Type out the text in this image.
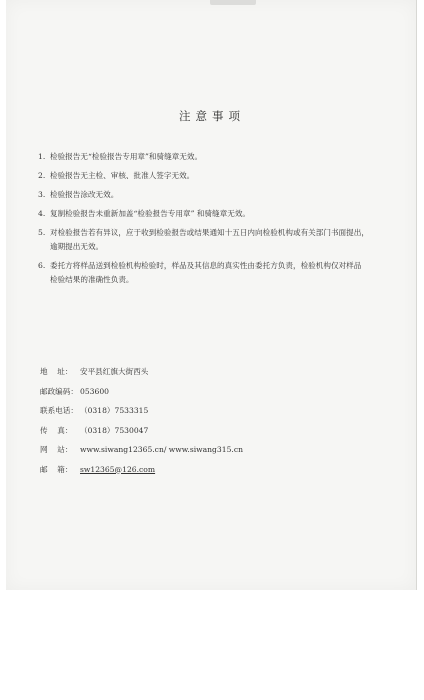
注意事项
1. 检验报告无“检验报告专用章”和骑缝章无效。
2. 检验报告无主检、审核、批准人签字无效。
3. 检验报告涂改无效。
4. 复制检验报告未重新加盖“检验报告专用章” 和骑缝章无效。
5. 对检验报告若有异议，应于收到检验报告或结果通知十五日内向检验机构或有关部门书面提出，
逾期提出无效。
6. 委托方将样品送到检验机构检验时，样品及其信息的真实性由委托方负责，检验机构仅对样品
检验结果的准确性负责。
地    址： 安平县红旗大街西头
邮政编码： 053600
联系电话： （0318）7533315
传    真： （0318）7530047
网    站： www.siwang12365.cn/ www.siwang315.cn
邮    箱： sw12365@126.com
